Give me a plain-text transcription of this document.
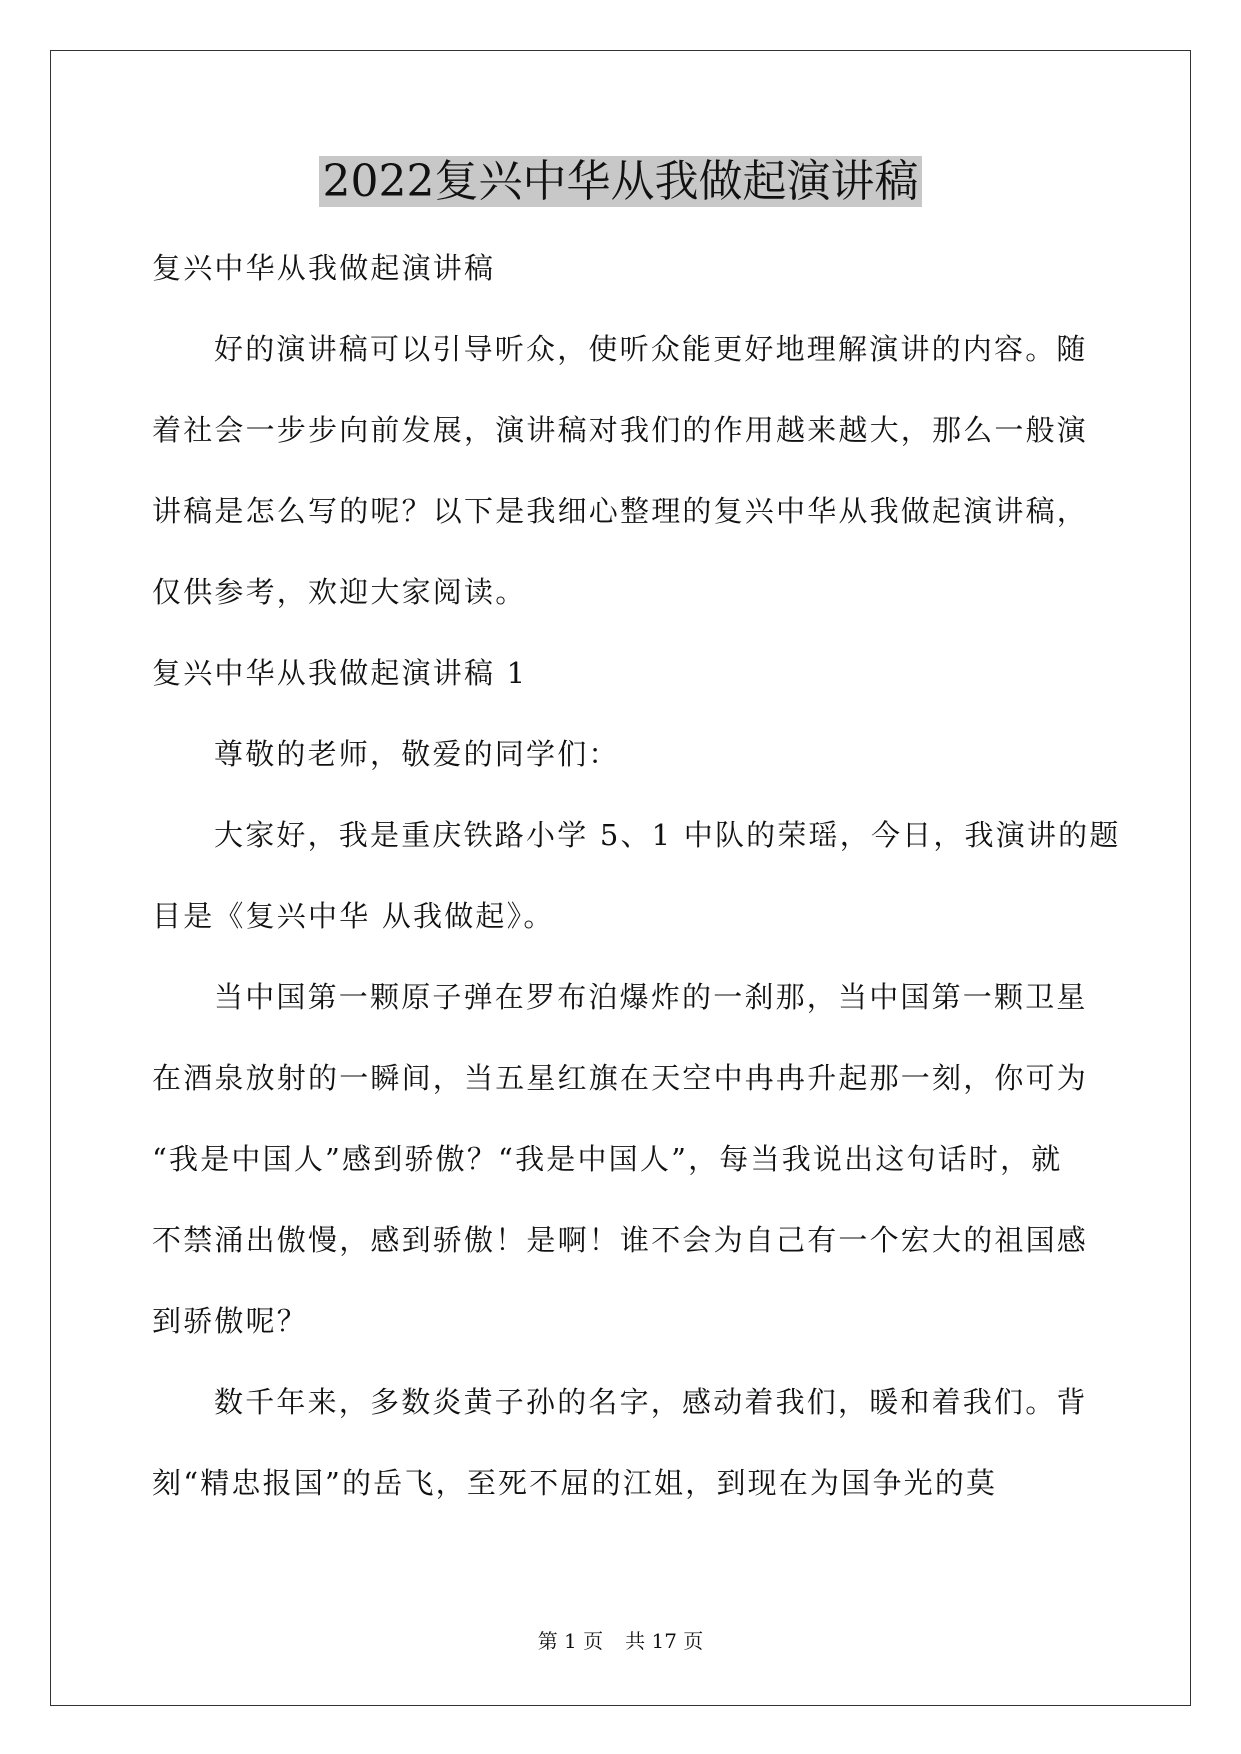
2022复兴中华从我做起演讲稿

复兴中华从我做起演讲稿

好的演讲稿可以引导听众，使听众能更好地理解演讲的内容。随

着社会一步步向前发展，演讲稿对我们的作用越来越大，那么一般演

讲稿是怎么写的呢？以下是我细心整理的复兴中华从我做起演讲稿，

仅供参考，欢迎大家阅读。

复兴中华从我做起演讲稿 1

尊敬的老师，敬爱的同学们：

大家好，我是重庆铁路小学 5、1 中队的荣瑶，今日，我演讲的题

目是《复兴中华 从我做起》。

当中国第一颗原子弹在罗布泊爆炸的一刹那，当中国第一颗卫星

在酒泉放射的一瞬间，当五星红旗在天空中冉冉升起那一刻，你可为

“我是中国人”感到骄傲？“我是中国人”，每当我说出这句话时，就

不禁涌出傲慢，感到骄傲！是啊！谁不会为自己有一个宏大的祖国感

到骄傲呢？

数千年来，多数炎黄子孙的名字，感动着我们，暖和着我们。背

刻“精忠报国”的岳飞，至死不屈的江姐，到现在为国争光的莫

第 1 页 共 17 页
